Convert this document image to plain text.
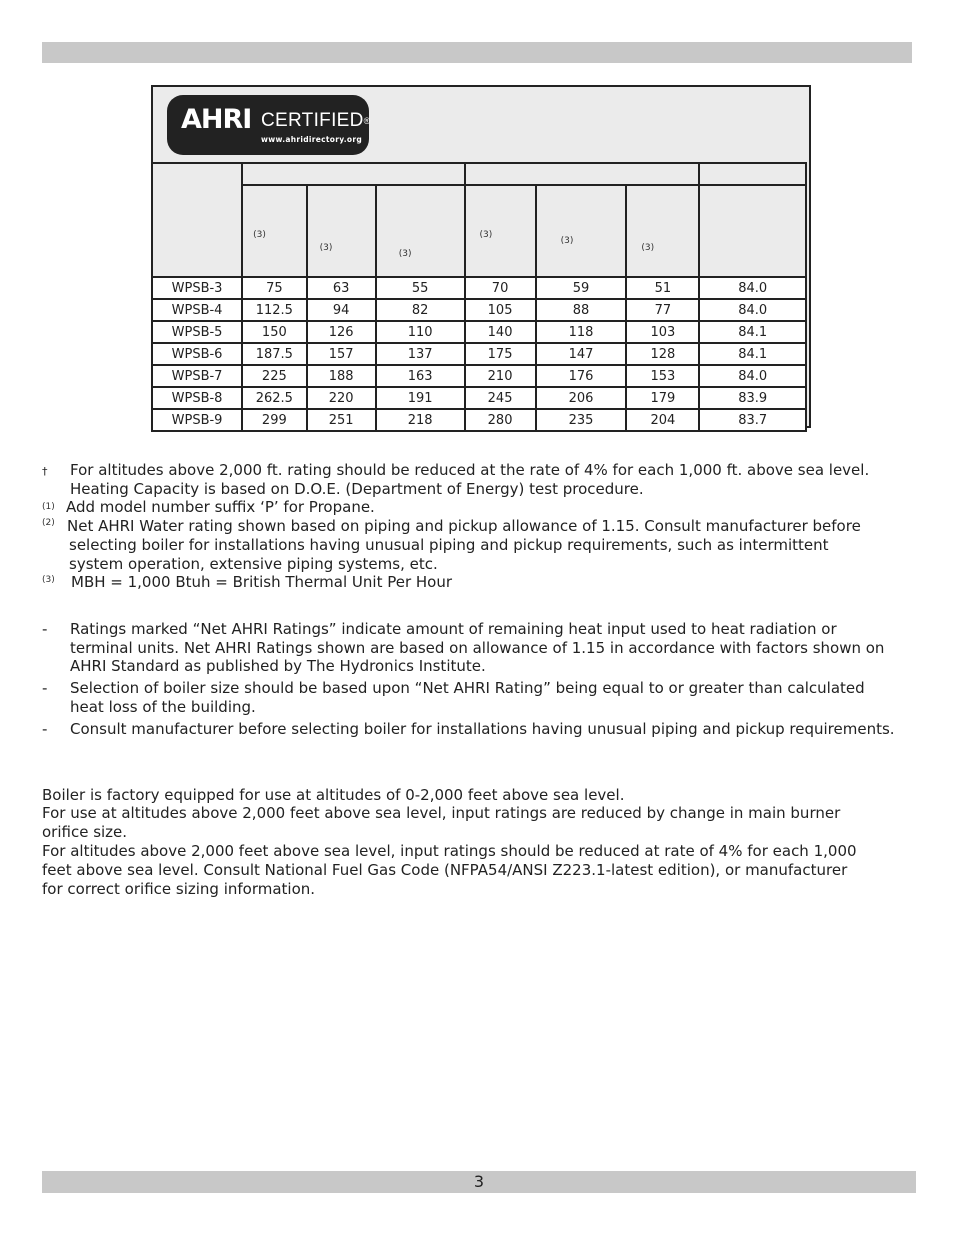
AHRI CERTIFIED®
www.ahridirectory.org

	(3)	(3)	(3)	(3)	(3)	(3)	

WPSB-3	75	63	55	70	59	51	84.0
WPSB-4	112.5	94	82	105	88	77	84.0
WPSB-5	150	126	110	140	118	103	84.1
WPSB-6	187.5	157	137	175	147	128	84.1
WPSB-7	225	188	163	210	176	153	84.0
WPSB-8	262.5	220	191	245	206	179	83.9
WPSB-9	299	251	218	280	235	204	83.7
† For altitudes above 2,000 ft. rating should be reduced at the rate of 4% for each 1,000 ft. above sea level.
Heating Capacity is based on D.O.E. (Department of Energy) test procedure.
(1) Add model number suffix ‘P’ for Propane.
(2) Net AHRI Water rating shown based on piping and pickup allowance of 1.15. Consult manufacturer before
selecting boiler for installations having unusual piping and pickup requirements, such as intermittent
system operation, extensive piping systems, etc.
(3) MBH = 1,000 Btuh = British Thermal Unit Per Hour
- Ratings marked “Net AHRI Ratings” indicate amount of remaining heat input used to heat radiation or
terminal units. Net AHRI Ratings shown are based on allowance of 1.15 in accordance with factors shown on
AHRI Standard as published by The Hydronics Institute.
- Selection of boiler size should be based upon “Net AHRI Rating” being equal to or greater than calculated
heat loss of the building.
- Consult manufacturer before selecting boiler for installations having unusual piping and pickup requirements.
Boiler is factory equipped for use at altitudes of 0-2,000 feet above sea level.
For use at altitudes above 2,000 feet above sea level, input ratings are reduced by change in main burner
orifice size.
For altitudes above 2,000 feet above sea level, input ratings should be reduced at rate of 4% for each 1,000
feet above sea level. Consult National Fuel Gas Code (NFPA54/ANSI Z223.1-latest edition), or manufacturer
for correct orifice sizing information.
3
